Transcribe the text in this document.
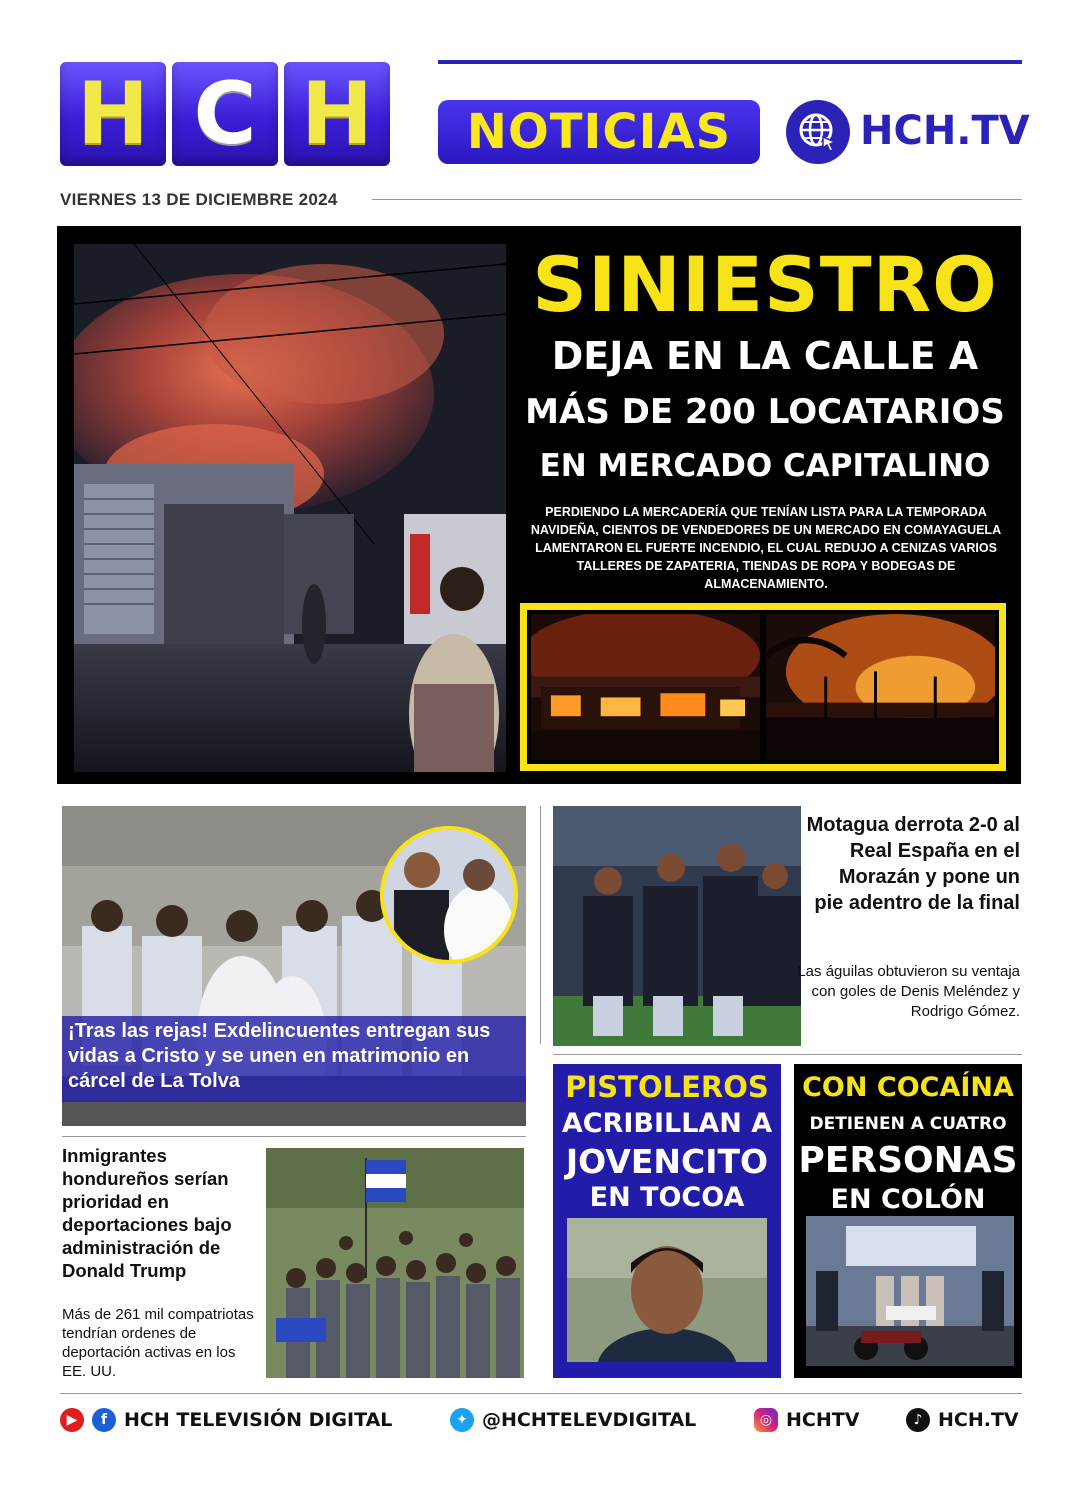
H C H	NOTICIAS	HCH.TV
VIERNES 13 DE DICIEMBRE 2024
SINIESTRO
DEJA EN LA CALLE A
MÁS DE 200 LOCATARIOS
EN MERCADO CAPITALINO
PERDIENDO LA MERCADERÍA QUE TENÍAN LISTA PARA LA TEMPORADA NAVIDEÑA, CIENTOS DE VENDEDORES DE UN MERCADO EN COMAYAGUELA LAMENTARON EL FUERTE INCENDIO, EL CUAL REDUJO A CENIZAS VARIOS TALLERES DE ZAPATERIA, TIENDAS DE ROPA Y BODEGAS DE ALMACENAMIENTO.
¡Tras las rejas! Exdelincuentes entregan sus vidas a Cristo y se unen en matrimonio en cárcel de La Tolva
Motagua derrota 2-0 al Real España en el Morazán y pone un pie adentro de la final
Las águilas obtuvieron su ventaja con goles de Denis Meléndez y Rodrigo Gómez.
PISTOLEROS
ACRIBILLAN A
JOVENCITO
EN TOCOA
CON COCAÍNA
DETIENEN A CUATRO
PERSONAS
EN COLÓN
Inmigrantes hondureños serían prioridad en deportaciones bajo administración de Donald Trump
Más de 261 mil compatriotas tendrían ordenes de deportación activas en los EE. UU.
▶	f HCH TELEVISIÓN DIGITAL	✦ @HCHTELEVDIGITAL	◎ HCHTV	♪ HCH.TV
